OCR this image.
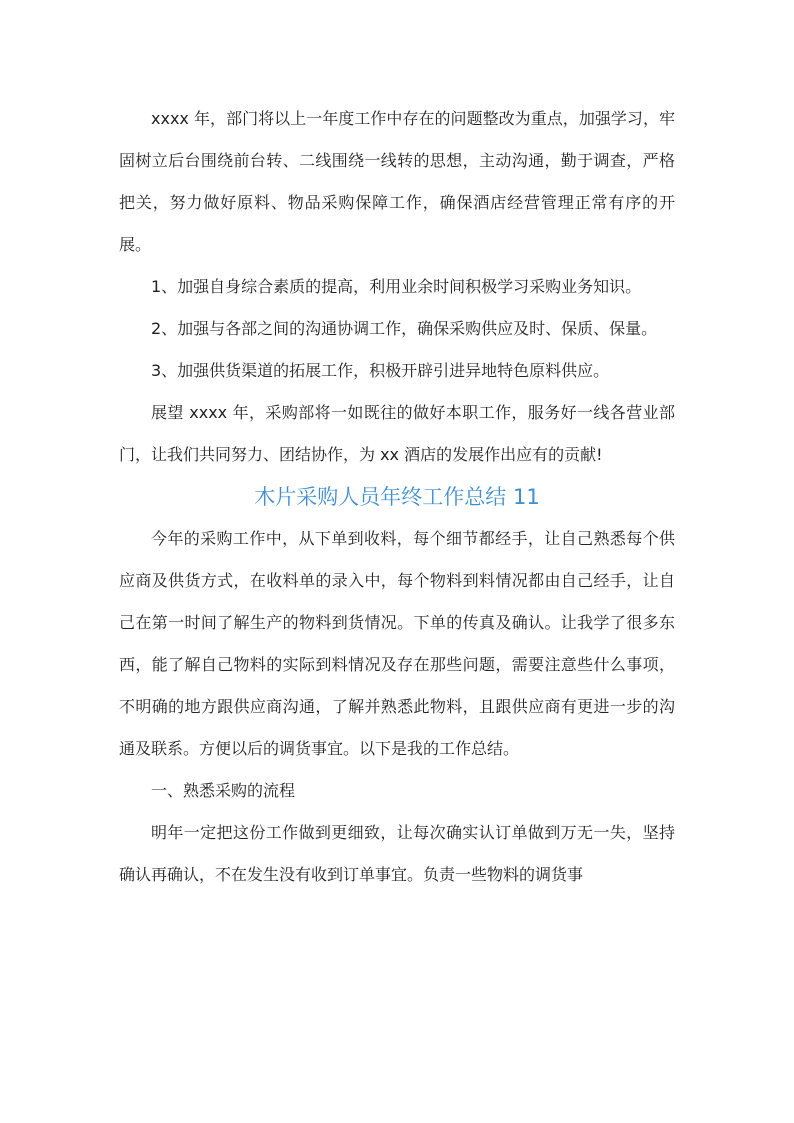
xxxx 年，部门将以上一年度工作中存在的问题整改为重点，加强学习，牢固树立后台围绕前台转、二线围绕一线转的思想，主动沟通，勤于调查，严格把关，努力做好原料、物品采购保障工作，确保酒店经营管理正常有序的开展。

1、加强自身综合素质的提高，利用业余时间积极学习采购业务知识。

2、加强与各部之间的沟通协调工作，确保采购供应及时、保质、保量。

3、加强供货渠道的拓展工作，积极开辟引进异地特色原料供应。

展望 xxxx 年，采购部将一如既往的做好本职工作，服务好一线各营业部门，让我们共同努力、团结协作，为 xx 酒店的发展作出应有的贡献!

木片采购人员年终工作总结 11

今年的采购工作中，从下单到收料，每个细节都经手，让自己熟悉每个供应商及供货方式，在收料单的录入中，每个物料到料情况都由自己经手，让自己在第一时间了解生产的物料到货情况。下单的传真及确认。让我学了很多东西，能了解自己物料的实际到料情况及存在那些问题，需要注意些什么事项，不明确的地方跟供应商沟通，了解并熟悉此物料，且跟供应商有更进一步的沟通及联系。方便以后的调货事宜。以下是我的工作总结。

一、熟悉采购的流程

明年一定把这份工作做到更细致，让每次确实认订单做到万无一失，坚持确认再确认，不在发生没有收到订单事宜。负责一些物料的调货事
